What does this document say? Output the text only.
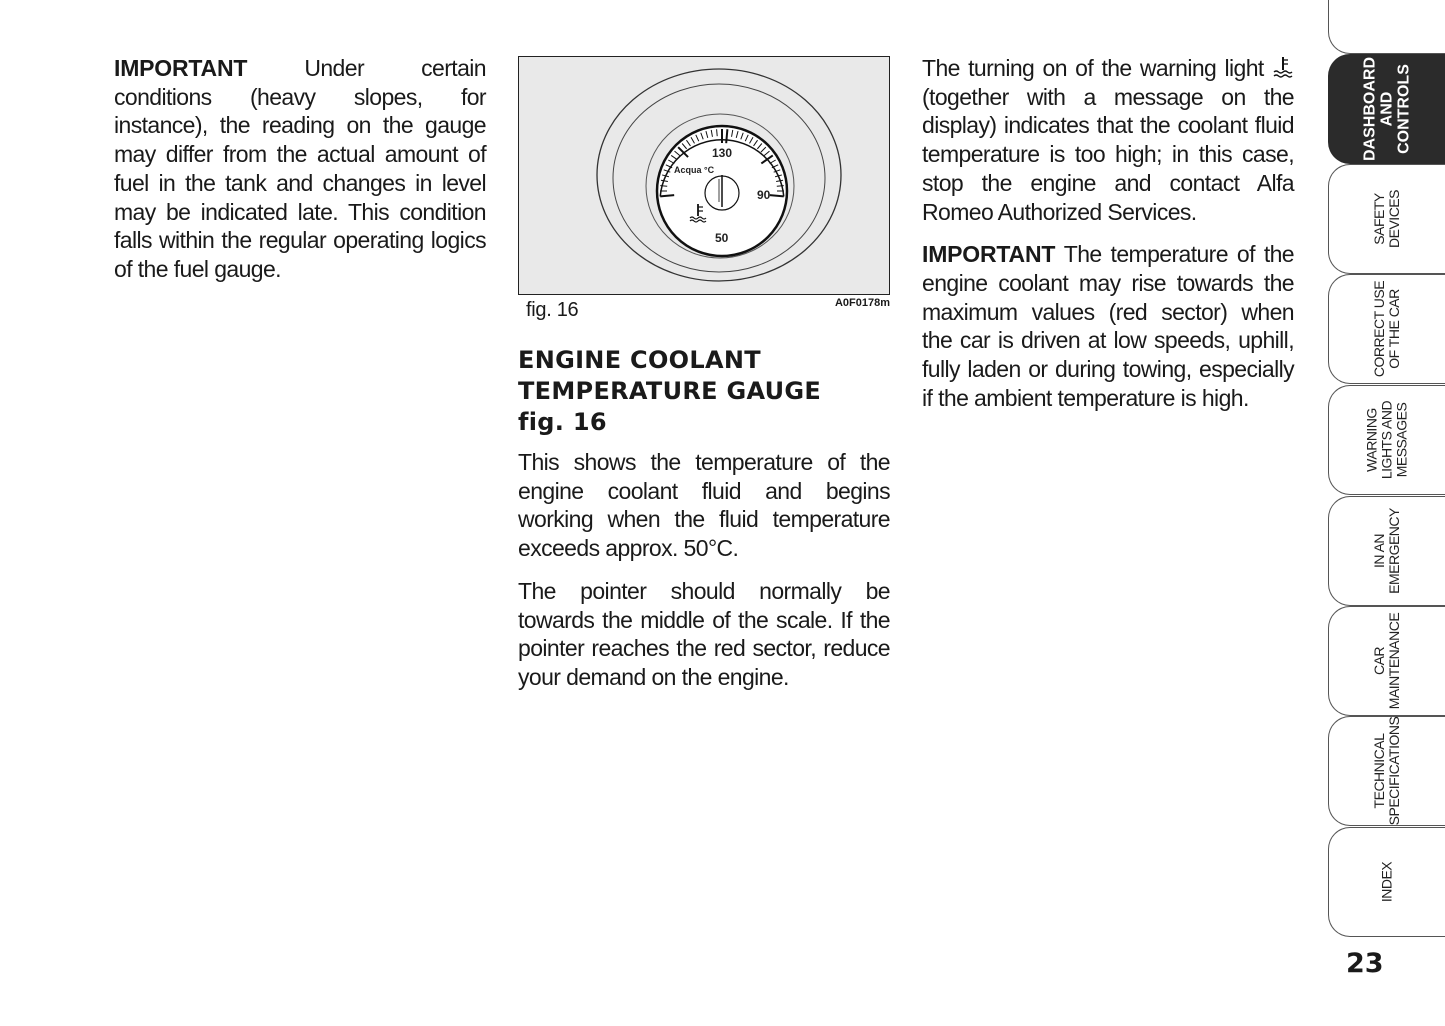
IMPORTANT Under certain conditions (heavy slopes, for instance), the reading on the gauge may differ from the actual amount of fuel in the tank and changes in level may be indicated late. This condition falls within the regular operating logics of the fuel gauge.

130
90
50
Acqua °C
fig. 16	A0F0178m
ENGINE COOLANT
TEMPERATURE GAUGE
fig. 16

This shows the temperature of the engine coolant fluid and begins working when the fluid temperature exceeds approx. 50°C.

The pointer should normally be towards the middle of the scale. If the pointer reaches the red sector, reduce your demand on the engine.

The turning on of the warning light  (together with a message on the display) indicates that the coolant fluid temperature is too high; in this case, stop the engine and contact Alfa Romeo Authorized Services.

IMPORTANT The temperature of the engine coolant may rise towards the maximum values (red sector) when the car is driven at low speeds, uphill, fully laden or during towing, especially if the ambient temperature is high.

DASHBOARD
AND
CONTROLS
SAFETY
DEVICES
CORRECT USE
OF THE CAR
WARNING
LIGHTS AND
MESSAGES
IN AN
EMERGENCY
CAR
MAINTENANCE
TECHNICAL
SPECIFICATIONS
INDEX
23
